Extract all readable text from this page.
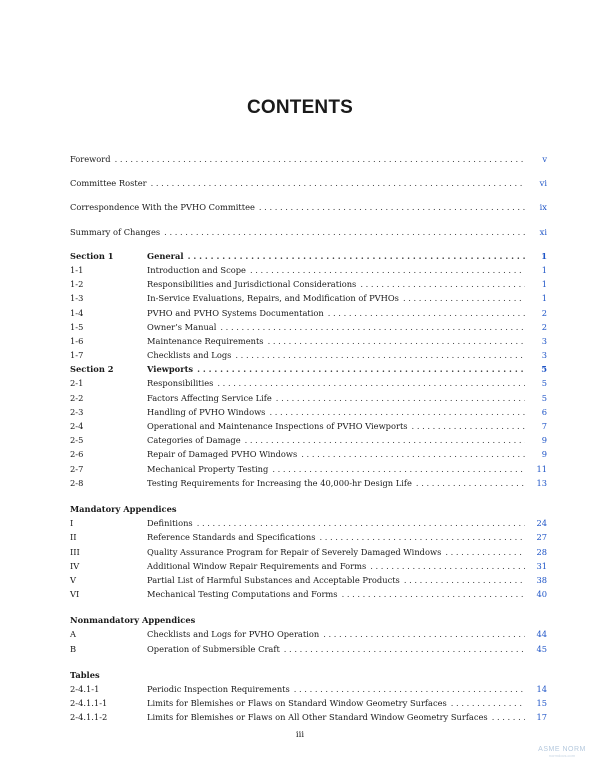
CONTENTS
Foreword . . .	v
Committee Roster . . .	vi
Correspondence With the PVHO Committee . . .	ix
Summary of Changes . . .	xi
Section 1	General . . .	1
1-1	Introduction and Scope . . .	1
1-2	Responsibilities and Jurisdictional Considerations . . .	1
1-3	In-Service Evaluations, Repairs, and Modification of PVHOs . . .	1
1-4	PVHO and PVHO Systems Documentation . . .	2
1-5	Owner’s Manual . . .	2
1-6	Maintenance Requirements . . .	3
1-7	Checklists and Logs . . .	3
Section 2	Viewports . . .	5
2-1	Responsibilities . . .	5
2-2	Factors Affecting Service Life . . .	5
2-3	Handling of PVHO Windows . . .	6
2-4	Operational and Maintenance Inspections of PVHO Viewports . . .	7
2-5	Categories of Damage . . .	9
2-6	Repair of Damaged PVHO Windows . . .	9
2-7	Mechanical Property Testing . . .	11
2-8	Testing Requirements for Increasing the 40,000-hr Design Life . . .	13
Mandatory Appendices
I	Definitions . . .	24
II	Reference Standards and Specifications . . .	27
III	Quality Assurance Program for Repair of Severely Damaged Windows . . .	28
IV	Additional Window Repair Requirements and Forms . . .	31
V	Partial List of Harmful Substances and Acceptable Products . . .	38
VI	Mechanical Testing Computations and Forms . . .	40
Nonmandatory Appendices
A	Checklists and Logs for PVHO Operation . . .	44
B	Operation of Submersible Craft . . .	45
Tables
2-4.1-1	Periodic Inspection Requirements . . .	14
2-4.1.1-1	Limits for Blemishes or Flaws on Standard Window Geometry Surfaces . . .	15
2-4.1.1-2	Limits for Blemishes or Flaws on All Other Standard Window Geometry Surfaces . . .	17
iii
ASME NORM
normdocs.com
